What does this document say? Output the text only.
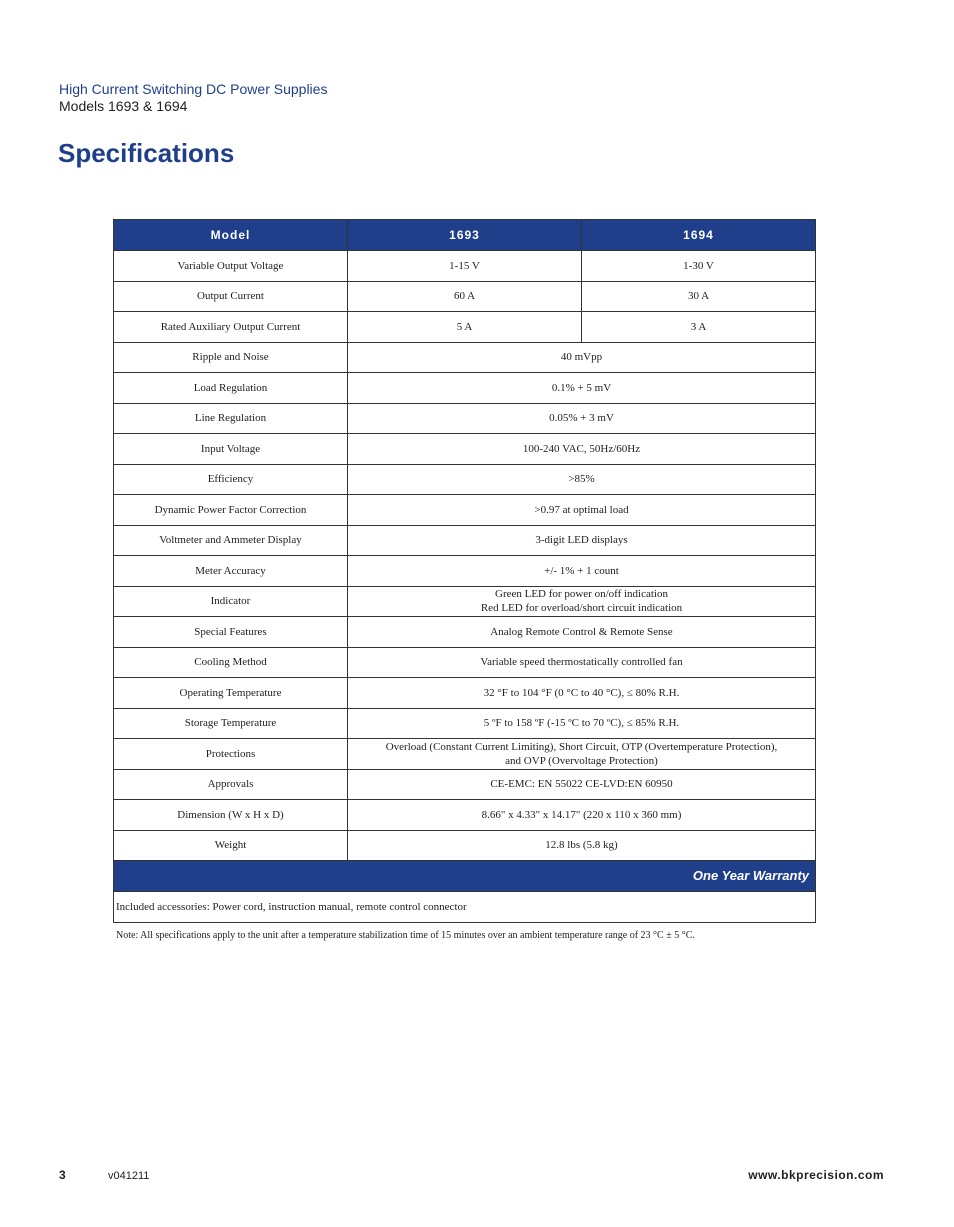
High Current Switching DC Power Supplies
Models 1693 & 1694
Specifications
Model	1693	1694
Variable Output Voltage	1-15 V	1-30 V
Output Current	60 A	30 A
Rated Auxiliary Output Current	5 A	3 A
Ripple and Noise	40 mVpp	
Load Regulation	0.1% + 5 mV	
Line Regulation	0.05% + 3 mV	
Input Voltage	100-240 VAC, 50Hz/60Hz	
Efficiency	>85%	
Dynamic Power Factor Correction	>0.97 at optimal load	
Voltmeter and Ammeter Display	3-digit LED displays	
Meter Accuracy	+/- 1% + 1 count	
Indicator	Green LED for power on/off indication
Red LED for overload/short circuit indication	

Special Features	Analog Remote Control & Remote Sense	
Cooling Method	Variable speed thermostatically controlled fan	
Operating Temperature	32 °F to 104 °F (0 °C to 40 °C), ≤ 80% R.H.	
Storage Temperature	5 ºF to 158 ºF (-15 ºC to 70 ºC), ≤ 85% R.H.	
Protections	Overload (Constant Current Limiting), Short Circuit, OTP (Overtemperature Protection),
and OVP (Overvoltage Protection)	

Approvals	CE-EMC: EN 55022 CE-LVD:EN 60950	
Dimension (W x H x D)	8.66" x 4.33" x 14.17" (220 x 110 x 360 mm)	
Weight	12.8 lbs (5.8 kg)	
One Year Warranty		
Included accessories: Power cord, instruction manual, remote control connector		
Note: All specifications apply to the unit after a temperature stabilization time of 15 minutes over an ambient temperature range of 23 °C ± 5 °C.
3	v041211	www.bkprecision.com
